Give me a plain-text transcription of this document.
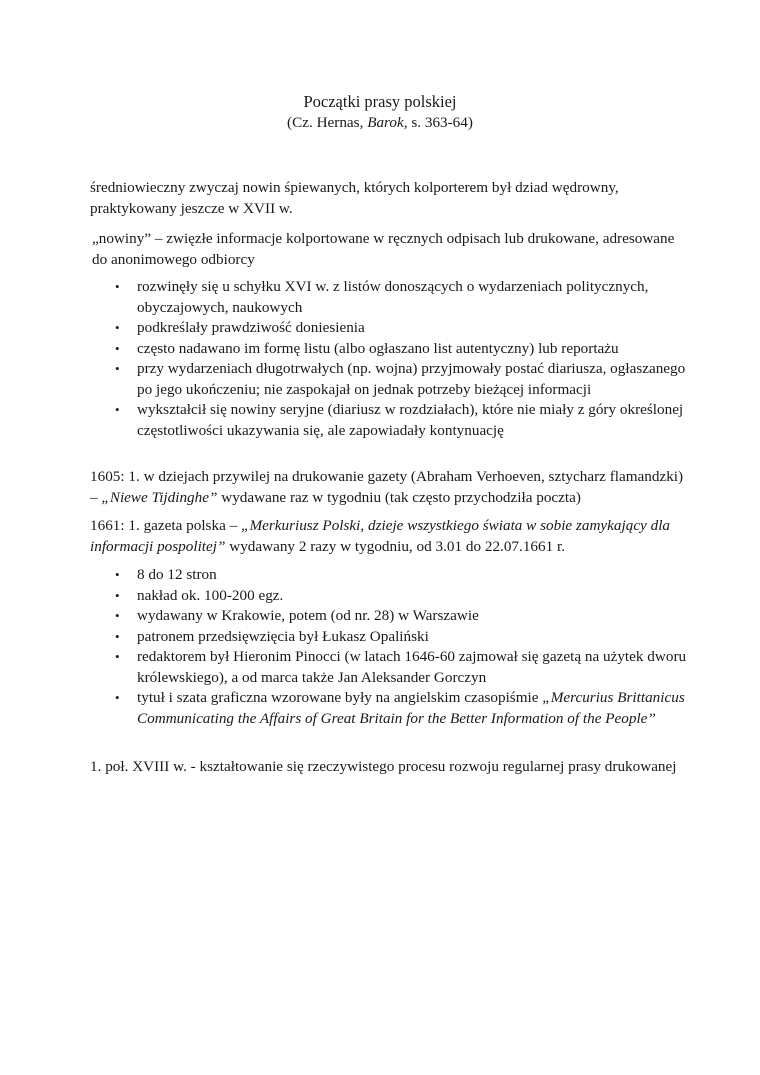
Początki prasy polskiej
(Cz. Hernas, Barok, s. 363-64)

średniowieczny zwyczaj nowin śpiewanych, których kolporterem był dziad wędrowny, praktykowany jeszcze w XVII w.

„nowiny” – zwięzłe informacje kolportowane w ręcznych odpisach lub drukowane, adresowane do anonimowego odbiorcy

• rozwinęły się u schyłku XVI w. z listów donoszących o wydarzeniach politycznych, obyczajowych, naukowych
• podkreślały prawdziwość doniesienia
• często nadawano im formę listu (albo ogłaszano list autentyczny) lub reportażu
• przy wydarzeniach długotrwałych (np. wojna) przyjmowały postać diariusza, ogłaszanego po jego ukończeniu; nie zaspokajał on jednak potrzeby bieżącej informacji
• wykształcił się nowiny seryjne (diariusz w rozdziałach), które nie miały z góry określonej częstotliwości ukazywania się, ale zapowiadały kontynuację

1605: 1. w dziejach przywilej na drukowanie gazety (Abraham Verhoeven, sztycharz flamandzki) – „Niewe Tijdinghe” wydawane raz w tygodniu (tak często przychodziła poczta)

1661: 1. gazeta polska – „Merkuriusz Polski, dzieje wszystkiego świata w sobie zamykający dla informacji pospolitej” wydawany 2 razy w tygodniu, od 3.01 do 22.07.1661 r.

• 8 do 12 stron
• nakład ok. 100-200 egz.
• wydawany w Krakowie, potem (od nr. 28) w Warszawie
• patronem przedsięwzięcia był Łukasz Opaliński
• redaktorem był Hieronim Pinocci (w latach 1646-60 zajmował się gazetą na użytek dworu królewskiego), a od marca także Jan Aleksander Gorczyn
• tytuł i szata graficzna wzorowane były na angielskim czasopiśmie „Mercurius Brittanicus Communicating the Affairs of Great Britain for the Better Information of the People”

1. poł. XVIII w. - kształtowanie się rzeczywistego procesu rozwoju regularnej prasy drukowanej
